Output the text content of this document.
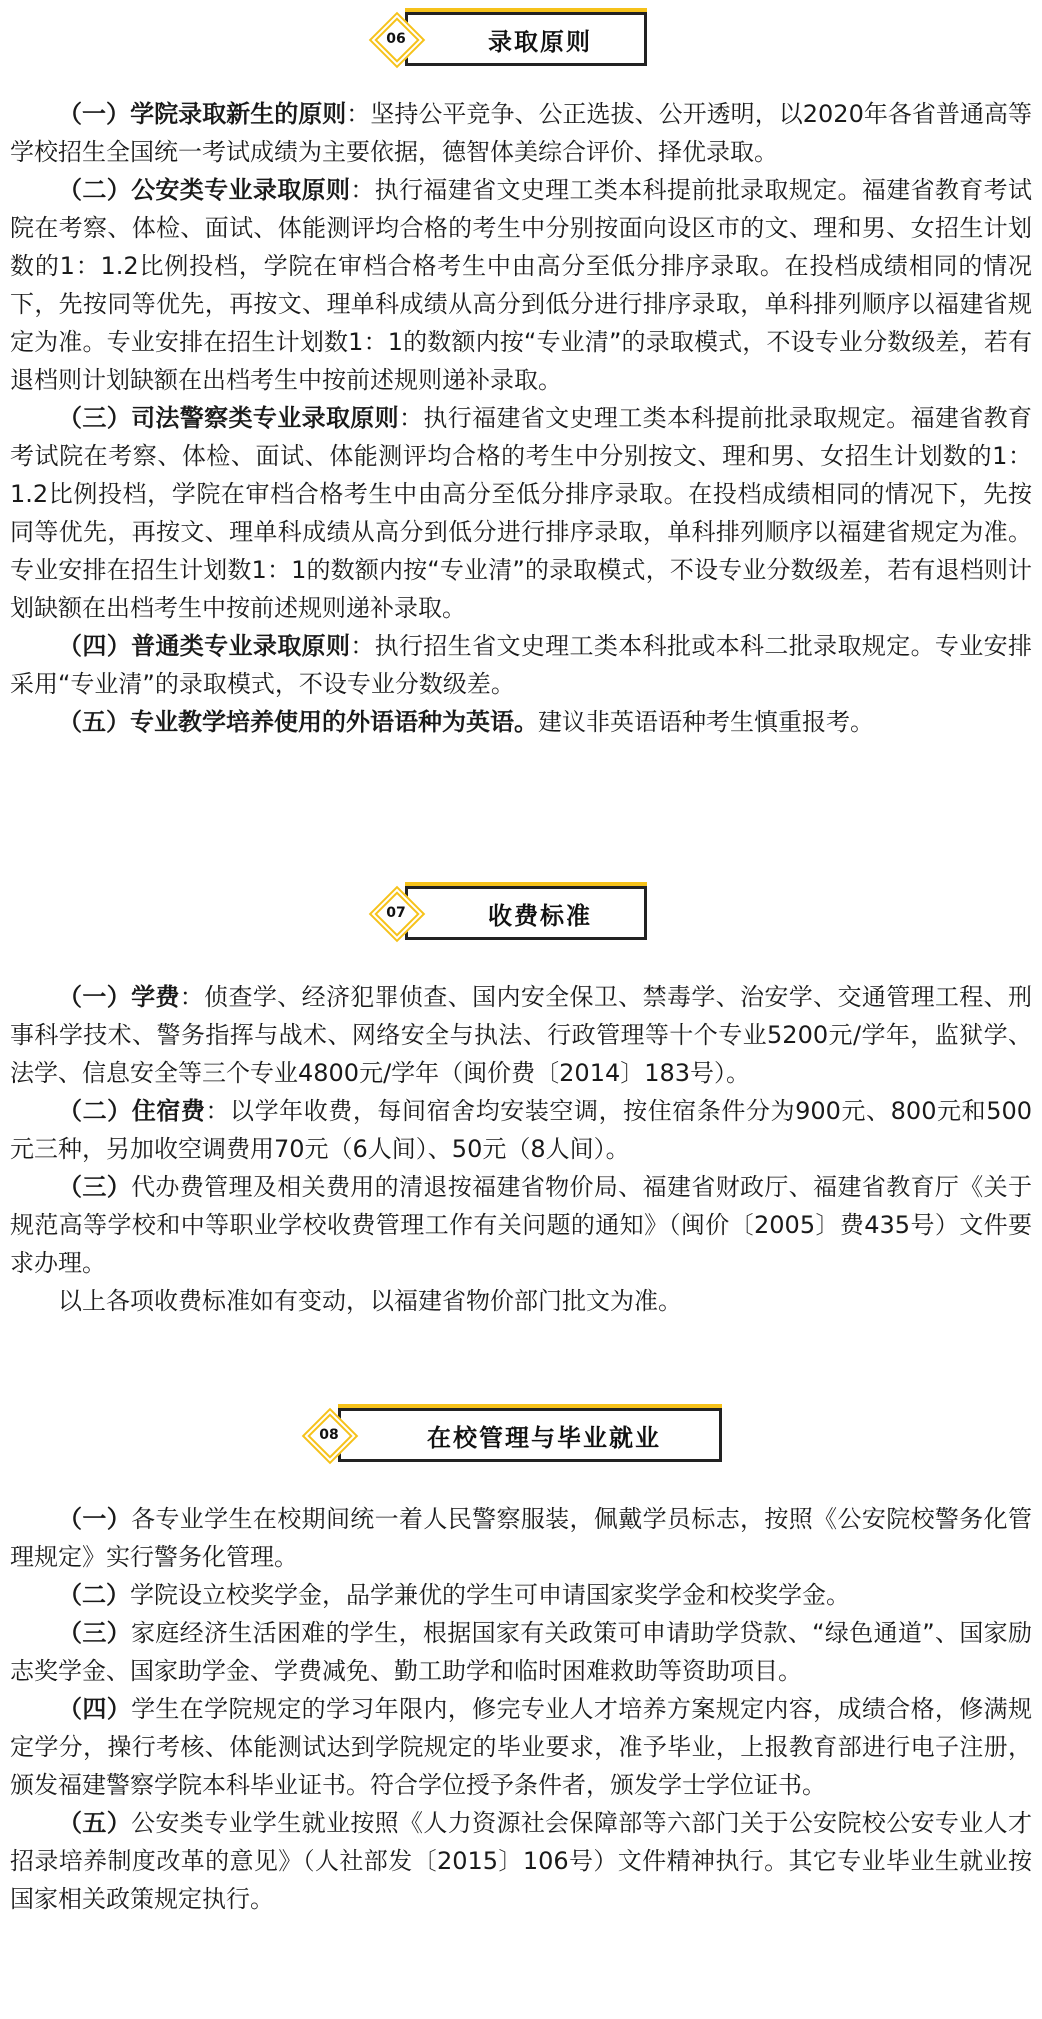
06	录取原则

（一）学院录取新生的原则：坚持公平竞争、公正选拔、公开透明，以2020年各省普通高等学校招生全国统一考试成绩为主要依据，德智体美综合评价、择优录取。

（二）公安类专业录取原则：执行福建省文史理工类本科提前批录取规定。福建省教育考试院在考察、体检、面试、体能测评均合格的考生中分别按面向设区市的文、理和男、女招生计划数的1：1.2比例投档，学院在审档合格考生中由高分至低分排序录取。在投档成绩相同的情况下，先按同等优先，再按文、理单科成绩从高分到低分进行排序录取，单科排列顺序以福建省规定为准。专业安排在招生计划数1：1的数额内按“专业清”的录取模式，不设专业分数级差，若有退档则计划缺额在出档考生中按前述规则递补录取。

（三）司法警察类专业录取原则：执行福建省文史理工类本科提前批录取规定。福建省教育考试院在考察、体检、面试、体能测评均合格的考生中分别按文、理和男、女招生计划数的1：1.2比例投档，学院在审档合格考生中由高分至低分排序录取。在投档成绩相同的情况下，先按同等优先，再按文、理单科成绩从高分到低分进行排序录取，单科排列顺序以福建省规定为准。专业安排在招生计划数1：1的数额内按“专业清”的录取模式，不设专业分数级差，若有退档则计划缺额在出档考生中按前述规则递补录取。

（四）普通类专业录取原则：执行招生省文史理工类本科批或本科二批录取规定。专业安排采用“专业清”的录取模式，不设专业分数级差。

（五）专业教学培养使用的外语语种为英语。建议非英语语种考生慎重报考。

07	收费标准

（一）学费：侦查学、经济犯罪侦查、国内安全保卫、禁毒学、治安学、交通管理工程、刑事科学技术、警务指挥与战术、网络安全与执法、行政管理等十个专业5200元/学年，监狱学、法学、信息安全等三个专业4800元/学年（闽价费〔2014〕183号）。

（二）住宿费：以学年收费，每间宿舍均安装空调，按住宿条件分为900元、800元和500元三种，另加收空调费用70元（6人间）、50元（8人间）。

（三）代办费管理及相关费用的清退按福建省物价局、福建省财政厅、福建省教育厅《关于规范高等学校和中等职业学校收费管理工作有关问题的通知》（闽价〔2005〕费435号）文件要求办理。

以上各项收费标准如有变动，以福建省物价部门批文为准。

08	在校管理与毕业就业

（一）各专业学生在校期间统一着人民警察服装，佩戴学员标志，按照《公安院校警务化管理规定》实行警务化管理。

（二）学院设立校奖学金，品学兼优的学生可申请国家奖学金和校奖学金。

（三）家庭经济生活困难的学生，根据国家有关政策可申请助学贷款、“绿色通道”、国家励志奖学金、国家助学金、学费减免、勤工助学和临时困难救助等资助项目。

（四）学生在学院规定的学习年限内，修完专业人才培养方案规定内容，成绩合格，修满规定学分，操行考核、体能测试达到学院规定的毕业要求，准予毕业，上报教育部进行电子注册，颁发福建警察学院本科毕业证书。符合学位授予条件者，颁发学士学位证书。

（五）公安类专业学生就业按照《人力资源社会保障部等六部门关于公安院校公安专业人才招录培养制度改革的意见》（人社部发〔2015〕106号）文件精神执行。其它专业毕业生就业按国家相关政策规定执行。
